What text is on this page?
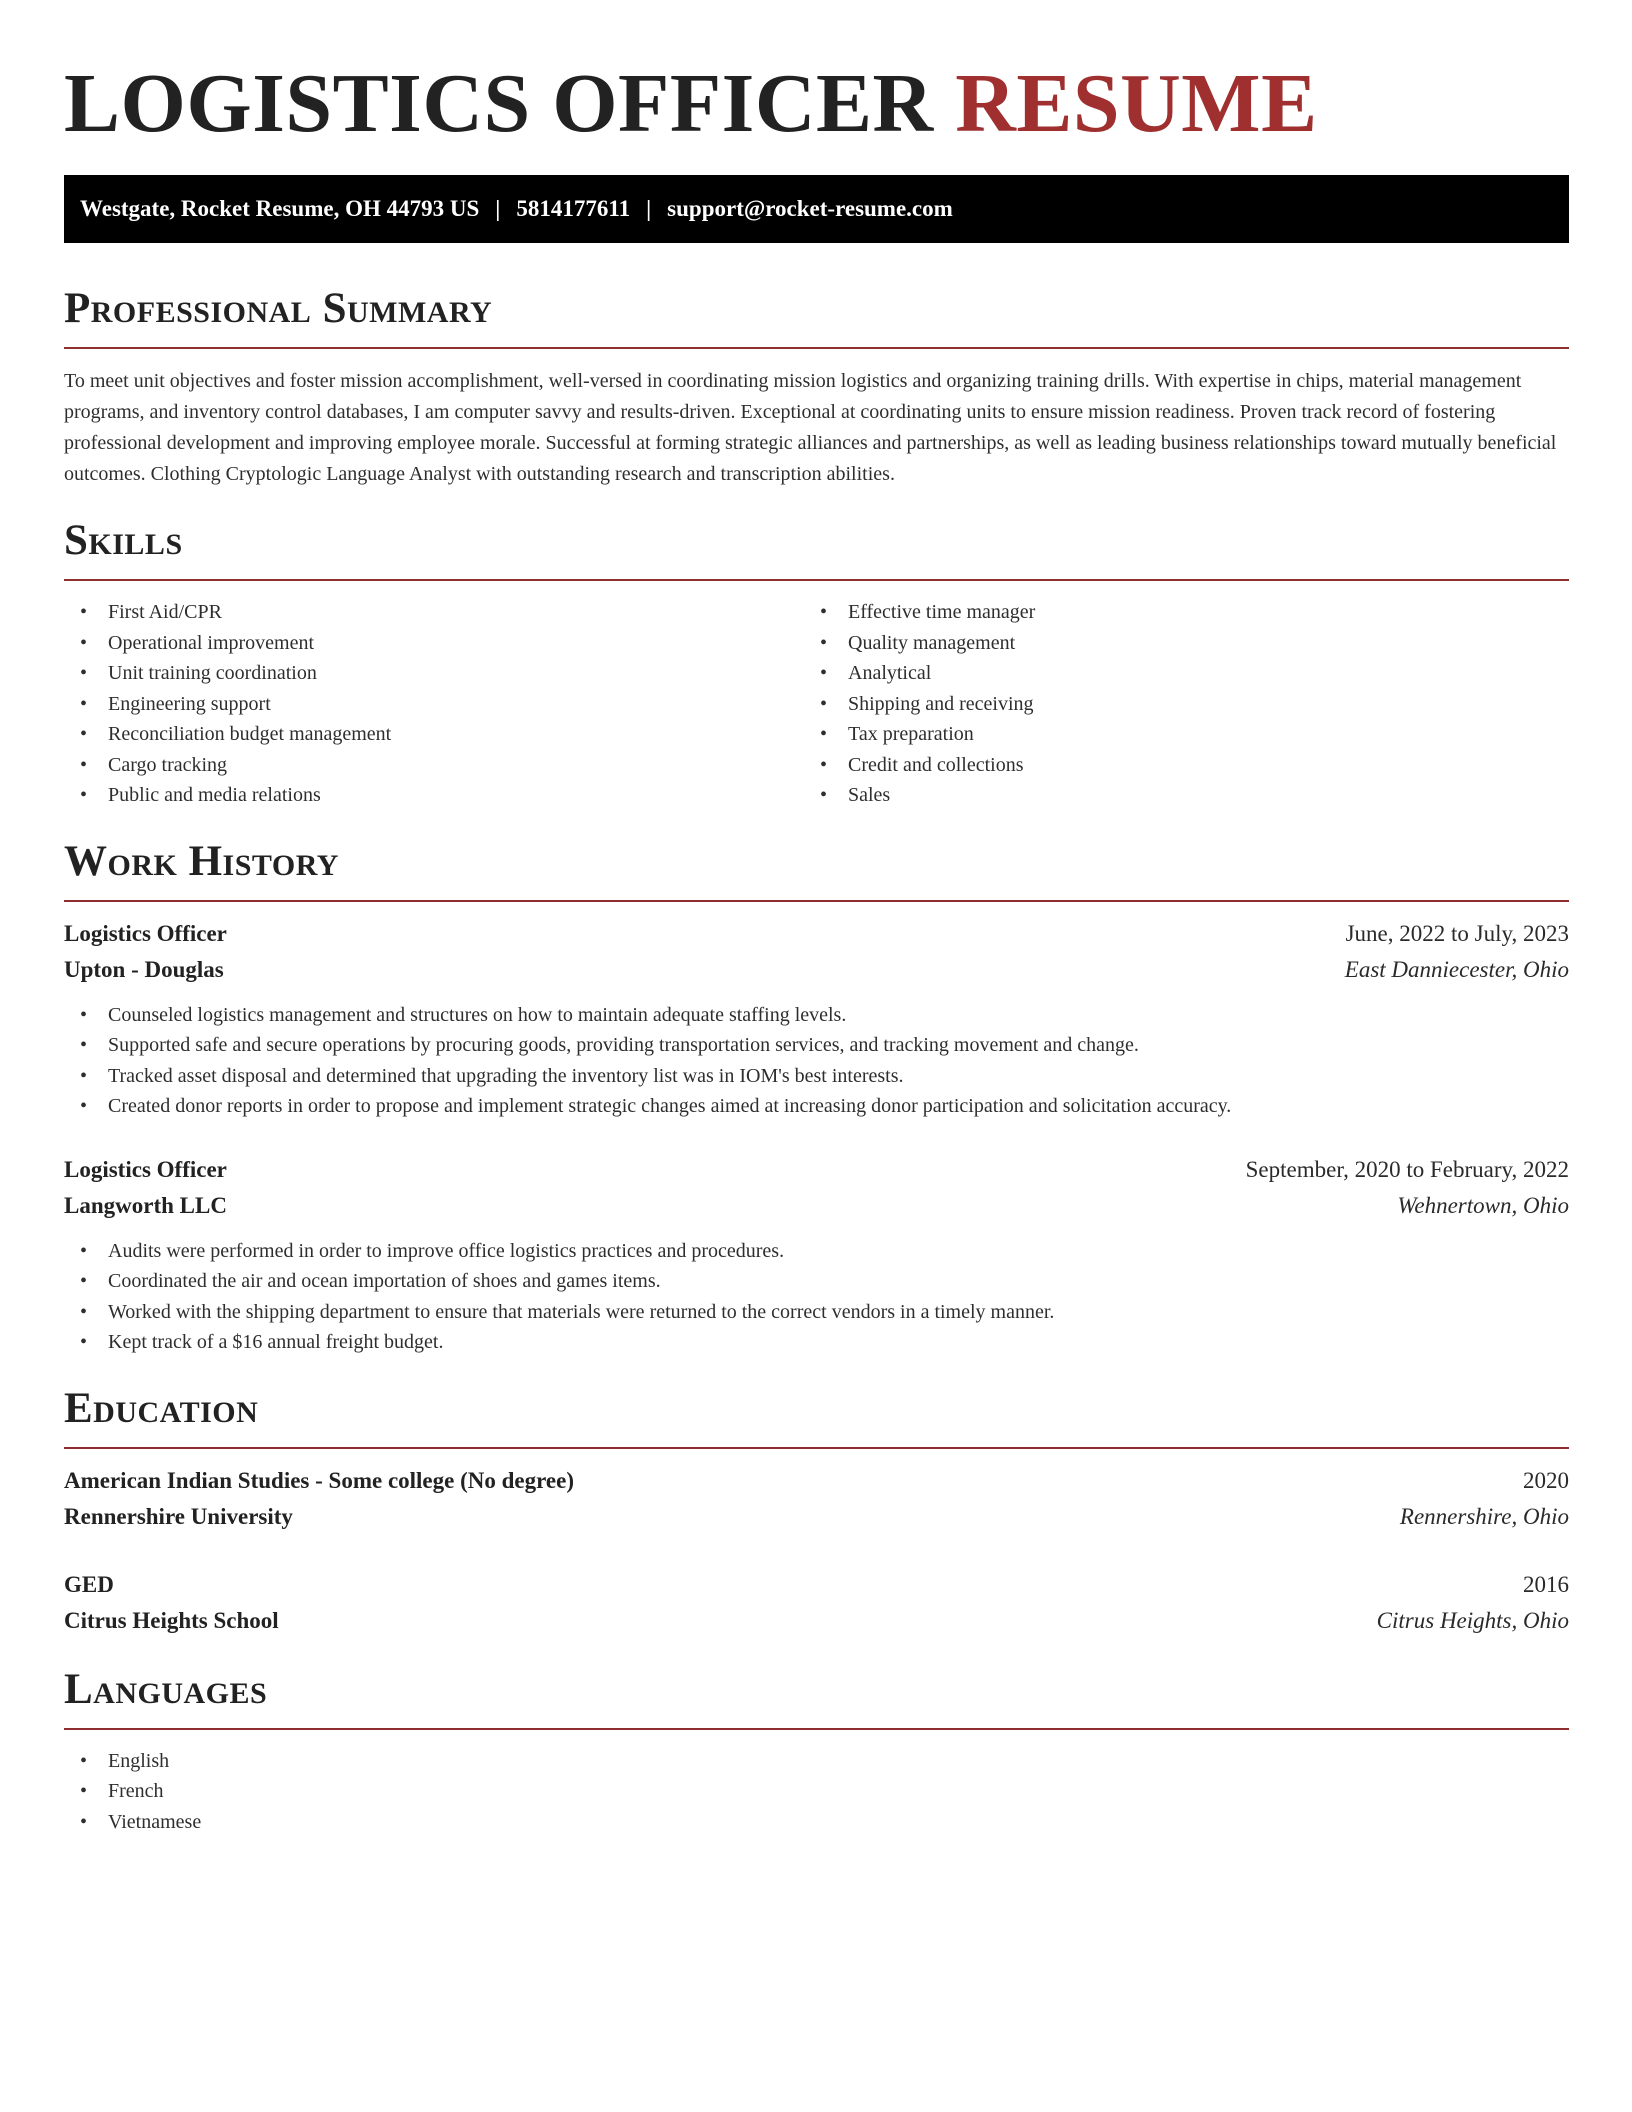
LOGISTICS OFFICER RESUME
Westgate, Rocket Resume, OH 44793 US | 5814177611 | support@rocket-resume.com
Professional Summary

To meet unit objectives and foster mission accomplishment, well-versed in coordinating mission logistics and organizing training drills. With expertise in chips, material management programs, and inventory control databases, I am computer savvy and results-driven. Exceptional at coordinating units to ensure mission readiness. Proven track record of fostering professional development and improving employee morale. Successful at forming strategic alliances and partnerships, as well as leading business relationships toward mutually beneficial outcomes. Clothing Cryptologic Language Analyst with outstanding research and transcription abilities.

Skills
• First Aid/CPR
• Operational improvement
• Unit training coordination
• Engineering support
• Reconciliation budget management
• Cargo tracking
• Public and media relations
• Effective time manager
• Quality management
• Analytical
• Shipping and receiving
• Tax preparation
• Credit and collections
• Sales
Work History
Logistics Officer	June, 2022 to July, 2023
Upton - Douglas	East Danniecester, Ohio
• Counseled logistics management and structures on how to maintain adequate staffing levels.
• Supported safe and secure operations by procuring goods, providing transportation services, and tracking movement and change.
• Tracked asset disposal and determined that upgrading the inventory list was in IOM's best interests.
• Created donor reports in order to propose and implement strategic changes aimed at increasing donor participation and solicitation accuracy.
Logistics Officer	September, 2020 to February, 2022
Langworth LLC	Wehnertown, Ohio
• Audits were performed in order to improve office logistics practices and procedures.
• Coordinated the air and ocean importation of shoes and games items.
• Worked with the shipping department to ensure that materials were returned to the correct vendors in a timely manner.
• Kept track of a $16 annual freight budget.
Education
American Indian Studies - Some college (No degree)	2020
Rennershire University	Rennershire, Ohio
GED	2016
Citrus Heights School	Citrus Heights, Ohio
Languages
• English
• French
• Vietnamese
